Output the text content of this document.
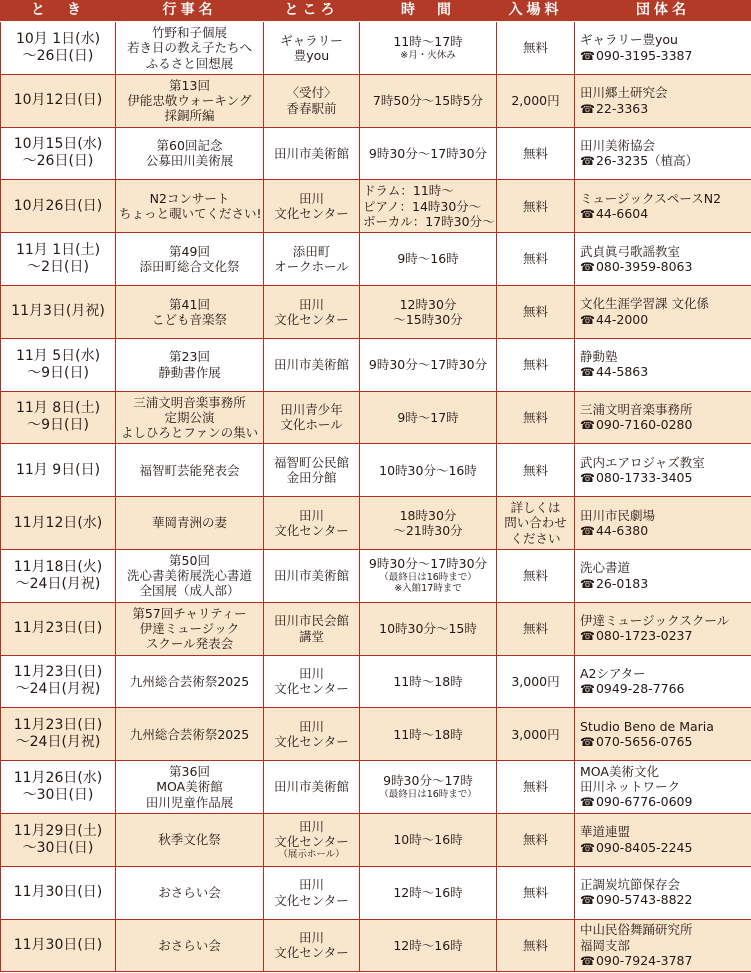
と　き	行事名	ところ	時　間	入場料	団体名

10月 1日(水)
～26日(日)	竹野和子個展
若き日の教え子たちへ
ふるさと回想展	ギャラリー
豊you	11時～17時
※月・火休み	無料	ギャラリー豊you
☎090-3195-3387

10月12日(日)	第13回
伊能忠敬ウォーキング
採銅所編	〈受付〉
香春駅前	7時50分～15時5分	2,000円	田川郷土研究会
☎22-3363

10月15日(水)
～26日(日)	第60回記念
公募田川美術展	田川市美術館	9時30分～17時30分	無料	田川美術協会
☎26-3235（植高）

10月26日(日)	N2コンサート
ちょっと覗いてください!	田川
文化センター	ドラム：11時～
ピアノ：14時30分～
ボーカル：17時30分～	無料	ミュージックスペースN2
☎44-6604

11月 1日(土)
～2日(日)	第49回
添田町総合文化祭	添田町
オークホール	9時～16時	無料	武貞眞弓歌謡教室
☎080-3959-8063

11月3日(月祝)	第41回
こども音楽祭	田川
文化センター	12時30分
～15時30分	無料	文化生涯学習課 文化係
☎44-2000

11月 5日(水)
～9日(日)	第23回
静動書作展	田川市美術館	9時30分～17時30分	無料	静動塾
☎44-5863

11月 8日(土)
～9日(日)	三浦文明音楽事務所
定期公演
よしひろとファンの集い	田川青少年
文化ホール	9時～17時	無料	三浦文明音楽事務所
☎090-7160-0280

11月 9日(日)	福智町芸能発表会	福智町公民館
金田分館	10時30分～16時	無料	武内エアロジャズ教室
☎080-1733-3405

11月12日(水)	華岡青洲の妻	田川
文化センター	18時30分
～21時30分	詳しくは
問い合わせ
ください	田川市民劇場
☎44-6380

11月18日(火)
～24日(月祝)	第50回
洗心書美術展洗心書道
全国展（成人部）	田川市美術館	9時30分～17時30分
（最終日は16時まで）
※入館17時まで	無料	洗心書道
☎26-0183

11月23日(日)	第57回チャリティー
伊達ミュージック
スクール発表会	田川市民会館
講堂	10時30分～15時	無料	伊達ミュージックスクール
☎080-1723-0237

11月23日(日)
～24日(月祝)	九州総合芸術祭2025	田川
文化センター	11時～18時	3,000円	A2シアター
☎0949-28-7766

11月23日(日)
～24日(月祝)	九州総合芸術祭2025	田川
文化センター	11時～18時	3,000円	Studio Beno de Maria
☎070-5656-0765

11月26日(水)
～30日(日)	第36回
MOA美術館
田川児童作品展	田川市美術館	9時30分～17時
（最終日は16時まで）	無料	MOA美術文化
田川ネットワーク
☎090-6776-0609

11月29日(土)
～30日(日)	秋季文化祭	田川
文化センター
（展示ホール）	10時～16時	無料	華道連盟
☎090-8405-2245

11月30日(日)	おさらい会	田川
文化センター	12時～16時	無料	正調炭坑節保存会
☎090-5743-8822

11月30日(日)	おさらい会	田川
文化センター	12時～16時	無料	中山民俗舞踊研究所
福岡支部
☎090-7924-3787
